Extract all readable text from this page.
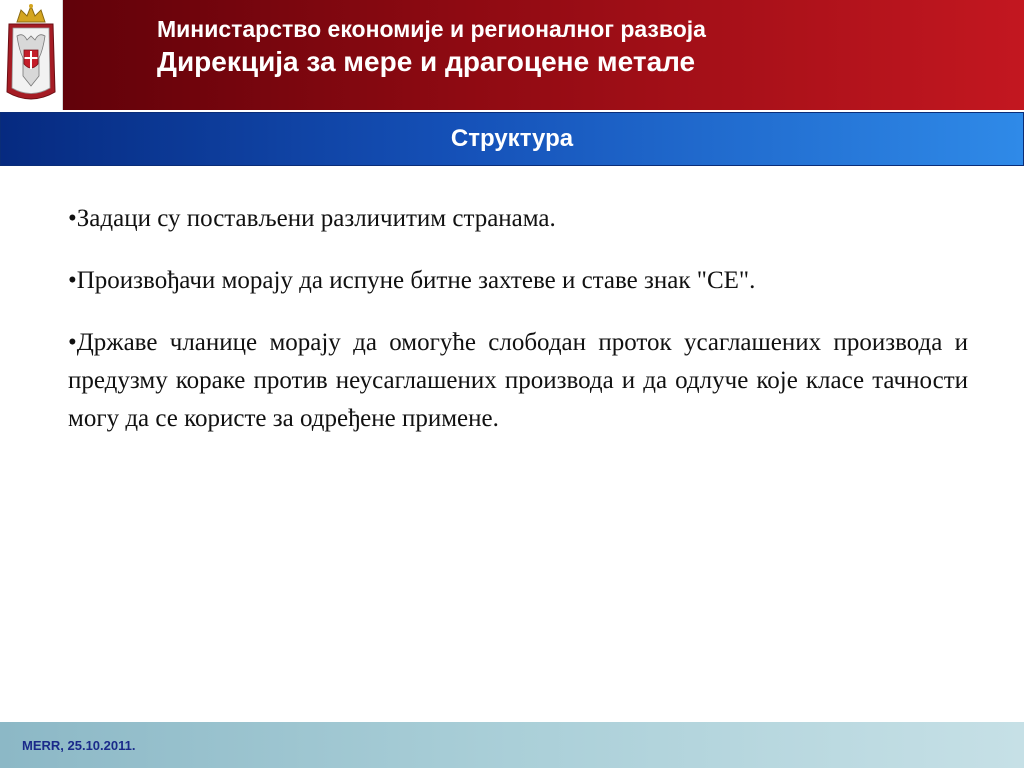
Министарство економије и регионалног развоја
Дирекција за мере и драгоцене метале
Структура

•Задаци су постављени различитим странама.

•Произвођачи морају да испуне битне захтеве и ставе знак "CE".

•Државе чланице морају да омогуће слободан проток усаглашених производа и предузму кораке против неусаглашених производа и да одлуче које класе тачности могу да се користе за одређене примене.

MERR, 25.10.2011.
